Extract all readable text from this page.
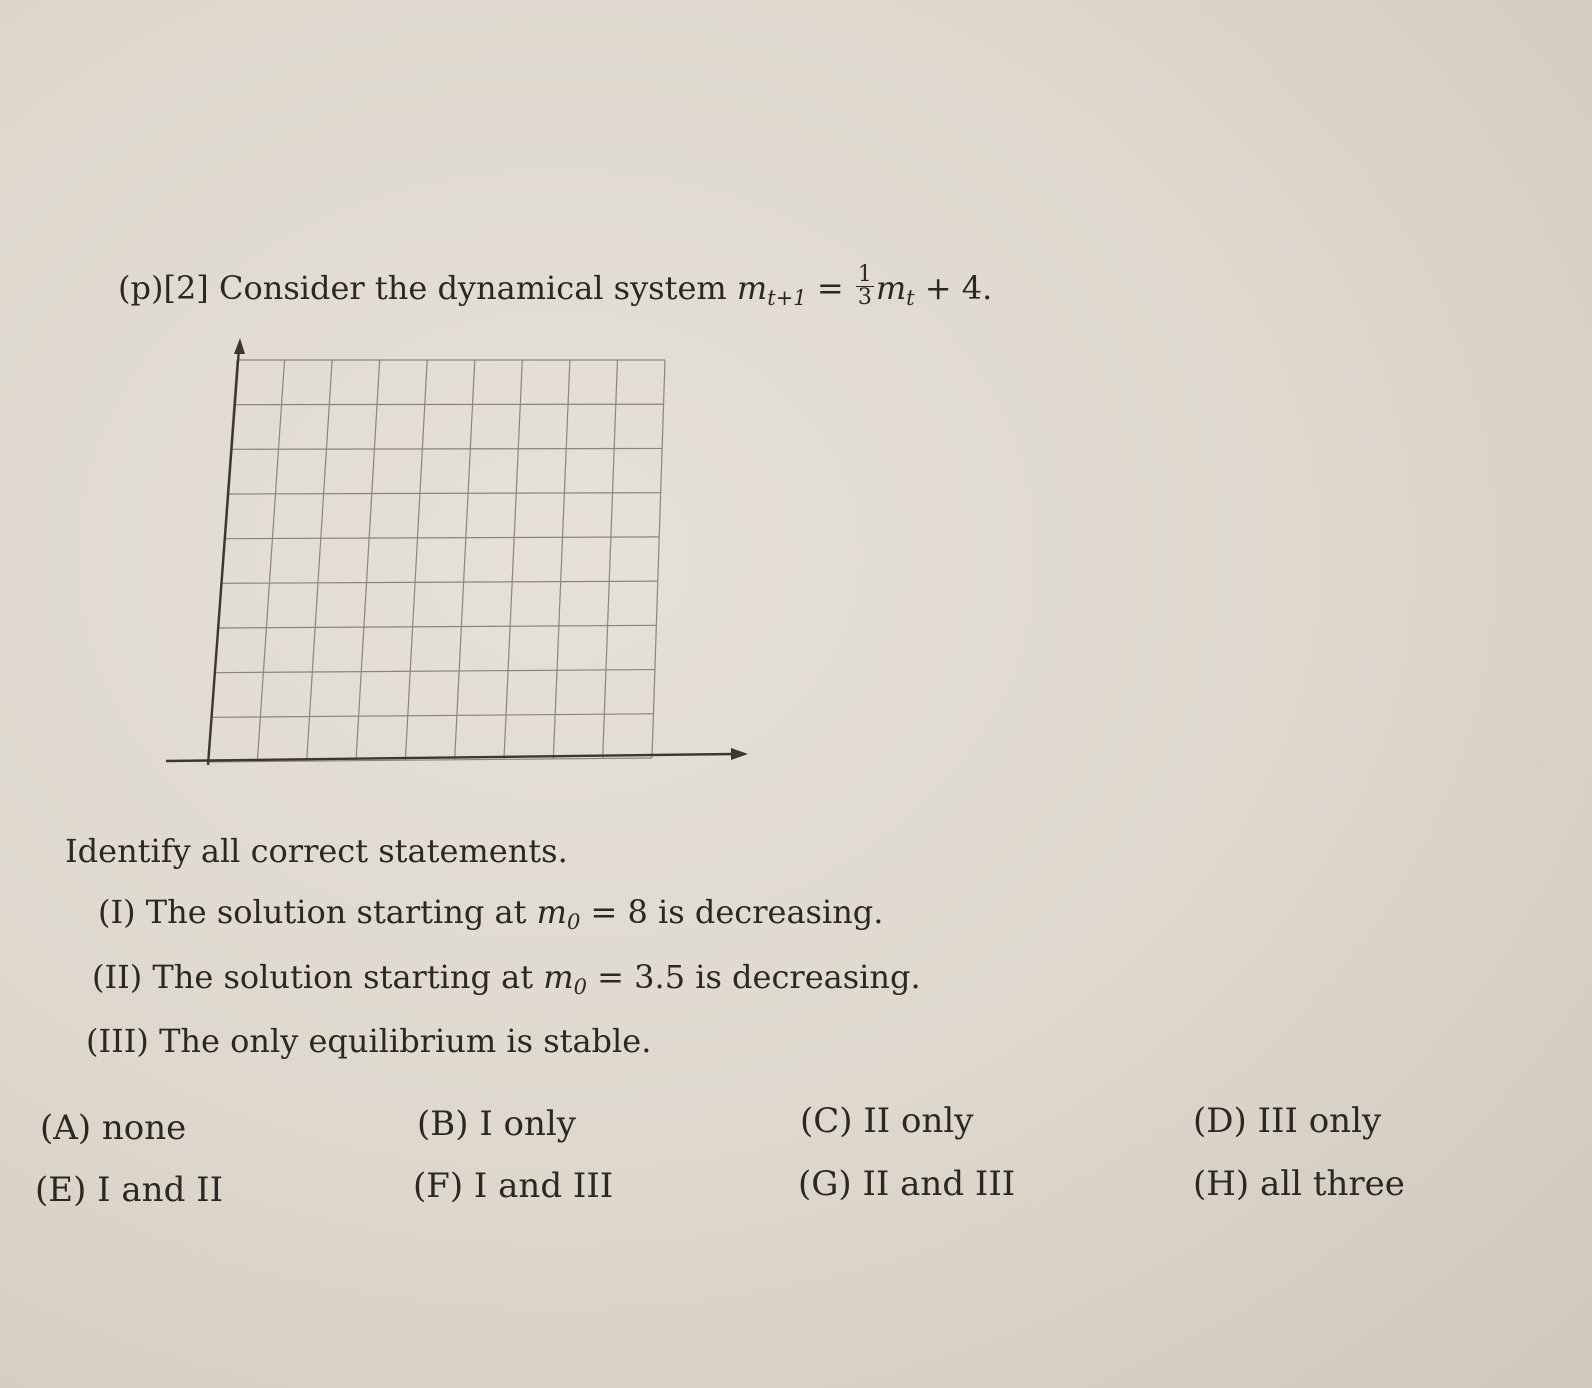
(p)[2] Consider the dynamical system $m_{t+1} = \frac{1}{3} m_t + 4$.
Identify all correct statements.
(I) The solution starting at $m_0 = 8$ is decreasing.
(II) The solution starting at $m_0 = 3.5$ is decreasing.
(III) The only equilibrium is stable.
(A) none	(B) I only	(C) II only	(D) III only
(E) I and II	(F) I and III	(G) II and III	(H) all three
